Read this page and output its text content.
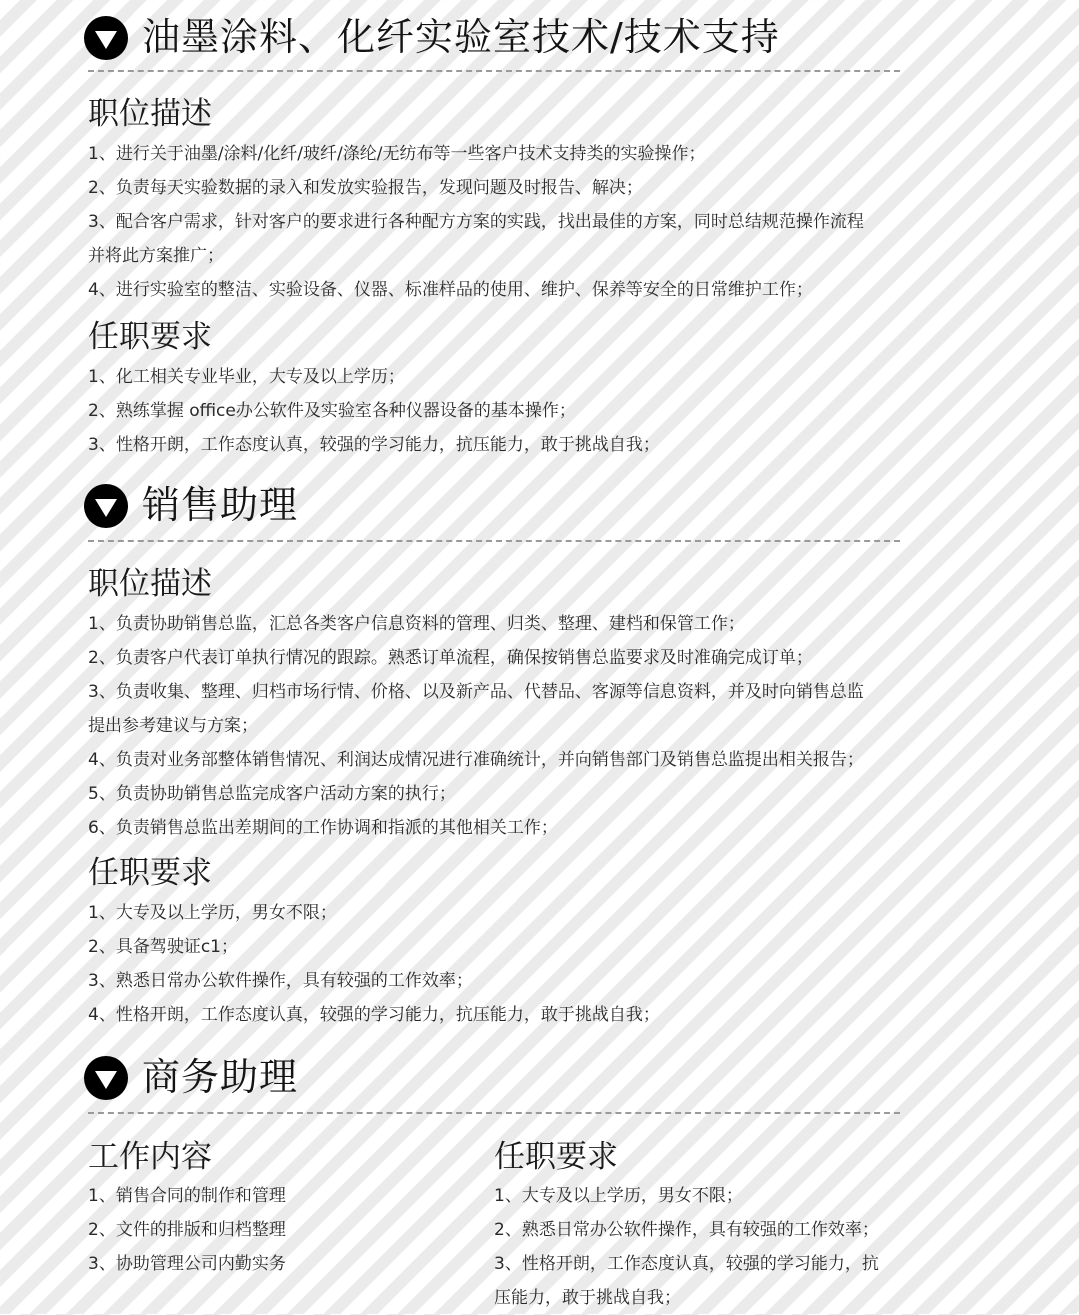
油墨涂料、化纤实验室技术/技术支持
职位描述
1、进行关于油墨/涂料/化纤/玻纤/涤纶/无纺布等一些客户技术支持类的实验操作；
2、负责每天实验数据的录入和发放实验报告，发现问题及时报告、解决；
3、配合客户需求，针对客户的要求进行各种配方方案的实践，找出最佳的方案，同时总结规范操作流程
并将此方案推广；
4、进行实验室的整洁、实验设备、仪器、标准样品的使用、维护、保养等安全的日常维护工作；
任职要求
1、化工相关专业毕业，大专及以上学历；
2、熟练掌握 office办公软件及实验室各种仪器设备的基本操作；
3、性格开朗，工作态度认真，较强的学习能力，抗压能力，敢于挑战自我；
销售助理
职位描述
1、负责协助销售总监，汇总各类客户信息资料的管理、归类、整理、建档和保管工作；
2、负责客户代表订单执行情况的跟踪。熟悉订单流程，确保按销售总监要求及时准确完成订单；
3、负责收集、整理、归档市场行情、价格、以及新产品、代替品、客源等信息资料，并及时向销售总监
提出参考建议与方案；
4、负责对业务部整体销售情况、利润达成情况进行准确统计，并向销售部门及销售总监提出相关报告；
5、负责协助销售总监完成客户活动方案的执行；
6、负责销售总监出差期间的工作协调和指派的其他相关工作；
任职要求
1、大专及以上学历，男女不限；
2、具备驾驶证c1；
3、熟悉日常办公软件操作，具有较强的工作效率；
4、性格开朗，工作态度认真，较强的学习能力，抗压能力，敢于挑战自我；
商务助理
工作内容
1、销售合同的制作和管理
2、文件的排版和归档整理
3、协助管理公司内勤实务
任职要求
1、大专及以上学历，男女不限；
2、熟悉日常办公软件操作，具有较强的工作效率；
3、性格开朗，工作态度认真，较强的学习能力，抗
压能力，敢于挑战自我；
